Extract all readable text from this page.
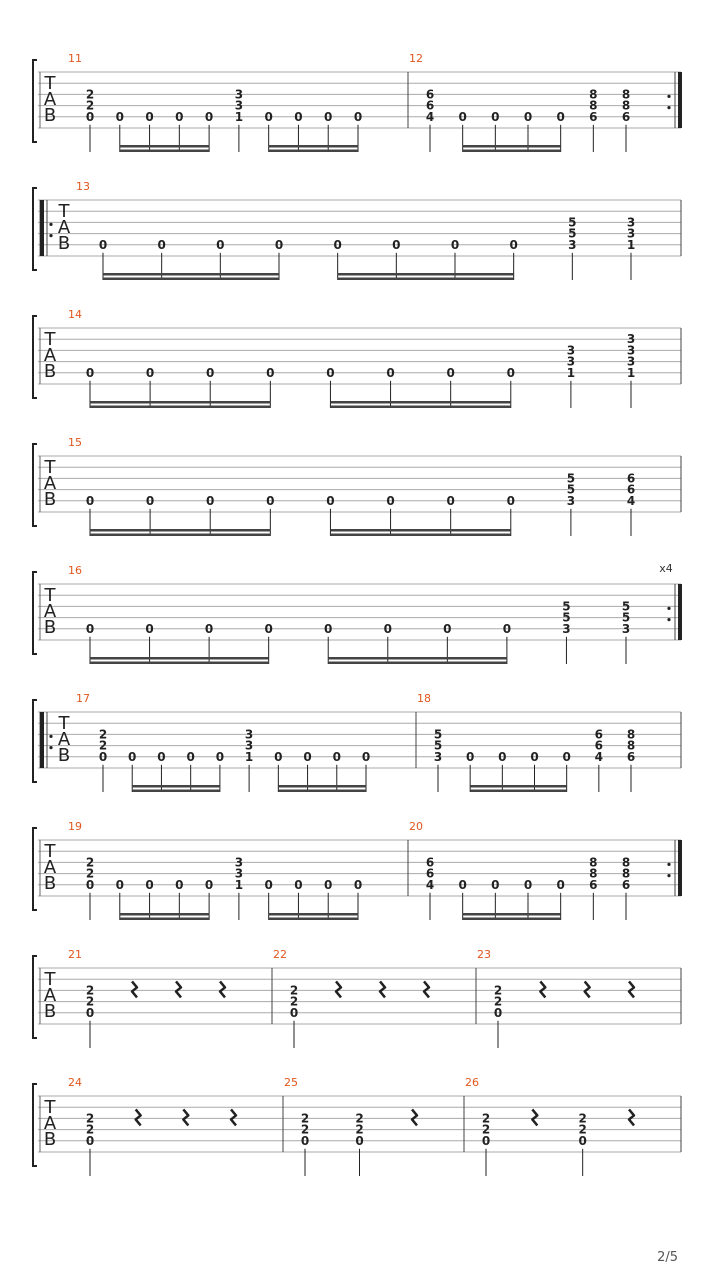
T
A
B
11
2
2
0 0 0 0 0
3
3
1 0 0 0 0
12
6
6
4 0 0 0 0
8
8
6
8
8
6
T
A
B
13
0	0	0	0	0	0	0	0
5
5
3
3
3
1
T
A
B
14
0	0	0	0	0	0	0	0
3
3
1
3
3
3
1
T
A
B
15
0	0	0	0	0	0	0	0
5
5
3
6
6
4
T
A
B
16	x4
0	0	0	0	0	0	0	0
5
5
3
5
5
3
T
A
B
17
2
2
0 0 0 0 0
3
3
1 0 0 0 0
18
5
5
3 0 0 0 0
6
6
4
8
8
6
T
A
B
19
2
2
0 0 0 0 0
3
3
1 0 0 0 0
20
6
6
4 0 0 0 0
8
8
6
8
8
6
T
A
B
21
2
2
0
22
2
2
0
23
2
2
0
T
A
B
24
2
2
0
25
2
2
0
2
2
0
26
2
2
0
2
2
0
2/5
